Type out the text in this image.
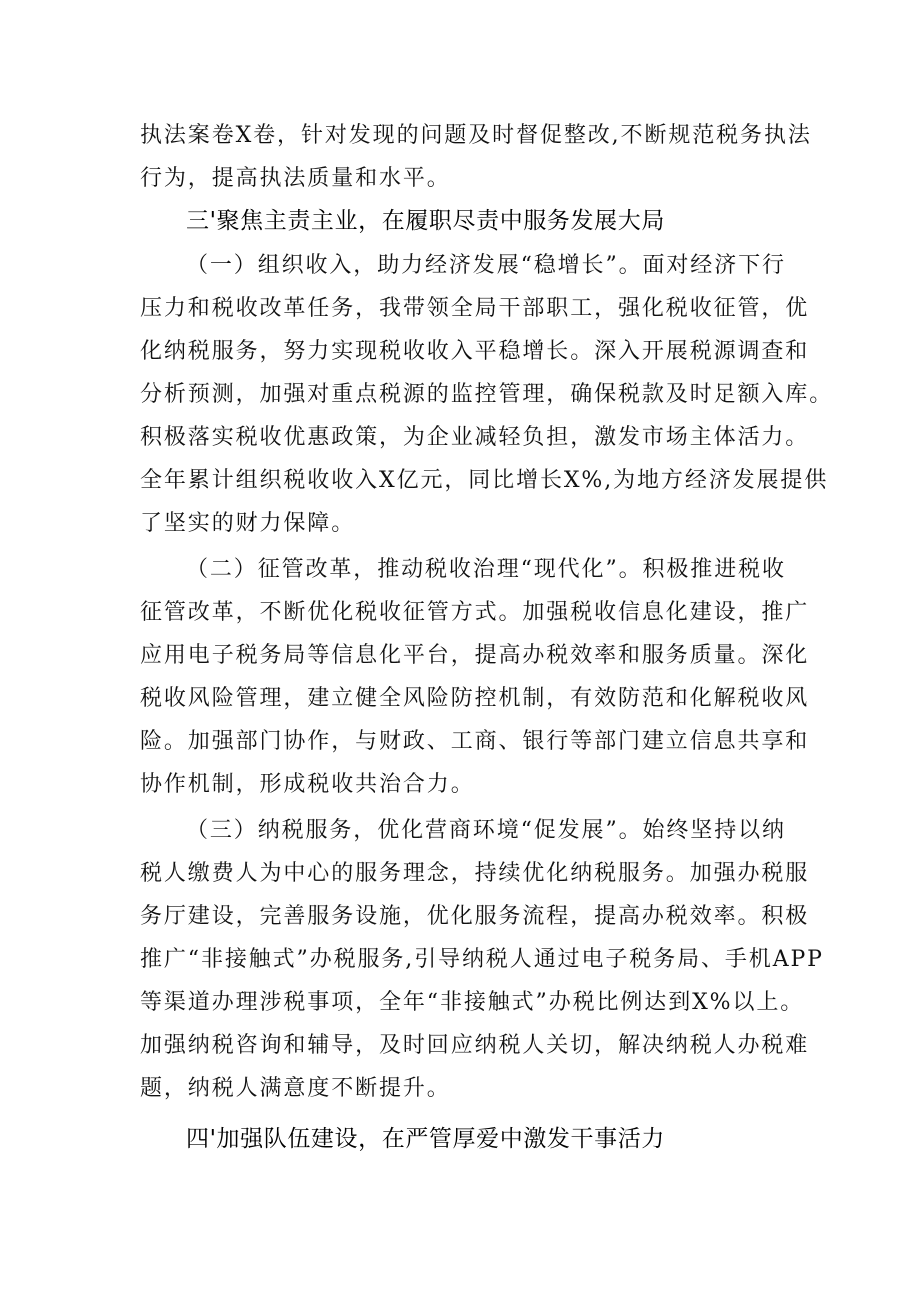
执法案卷X卷，针对发现的问题及时督促整改,不断规范税务执法
行为，提高执法质量和水平。
三'聚焦主责主业，在履职尽责中服务发展大局
（一）组织收入，助力经济发展“稳增长”。面对经济下行
压力和税收改革任务，我带领全局干部职工，强化税收征管，优
化纳税服务，努力实现税收收入平稳增长。深入开展税源调查和
分析预测，加强对重点税源的监控管理，确保税款及时足额入库。
积极落实税收优惠政策，为企业减轻负担，激发市场主体活力。
全年累计组织税收收入X亿元，同比增长X%,为地方经济发展提供
了坚实的财力保障。
（二）征管改革，推动税收治理“现代化”。积极推进税收
征管改革，不断优化税收征管方式。加强税收信息化建设，推广
应用电子税务局等信息化平台，提高办税效率和服务质量。深化
税收风险管理，建立健全风险防控机制，有效防范和化解税收风
险。加强部门协作，与财政、工商、银行等部门建立信息共享和
协作机制，形成税收共治合力。
（三）纳税服务，优化营商环境“促发展”。始终坚持以纳
税人缴费人为中心的服务理念，持续优化纳税服务。加强办税服
务厅建设，完善服务设施，优化服务流程，提高办税效率。积极
推广“非接触式”办税服务,引导纳税人通过电子税务局、手机APP
等渠道办理涉税事项，全年“非接触式”办税比例达到X%以上。
加强纳税咨询和辅导，及时回应纳税人关切，解决纳税人办税难
题，纳税人满意度不断提升。
四'加强队伍建设，在严管厚爱中激发干事活力
